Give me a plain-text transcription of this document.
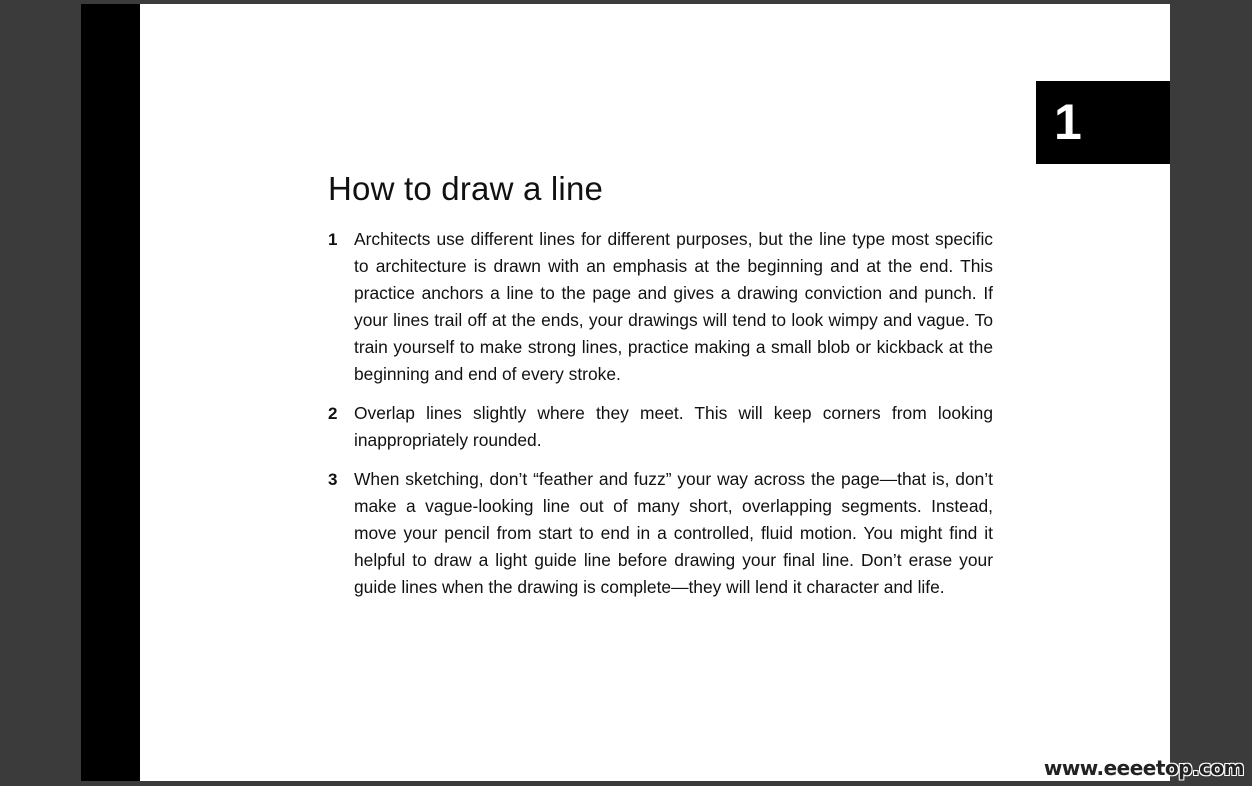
1
How to draw a line
1 Architects use different lines for different purposes, but the line type most specific to architecture is drawn with an emphasis at the beginning and at the end. This practice anchors a line to the page and gives a drawing conviction and punch. If your lines trail off at the ends, your drawings will tend to look wimpy and vague. To train yourself to make strong lines, practice making a small blob or kickback at the beginning and end of every stroke.
2 Overlap lines slightly where they meet. This will keep corners from looking inappropriately rounded.
3 When sketching, don’t “feather and fuzz” your way across the page—that is, don’t make a vague-looking line out of many short, overlapping segments. Instead, move your pencil from start to end in a controlled, fluid motion. You might find it helpful to draw a light guide line before drawing your final line. Don’t erase your guide lines when the drawing is complete—they will lend it character and life.
www.eeeetop.com
